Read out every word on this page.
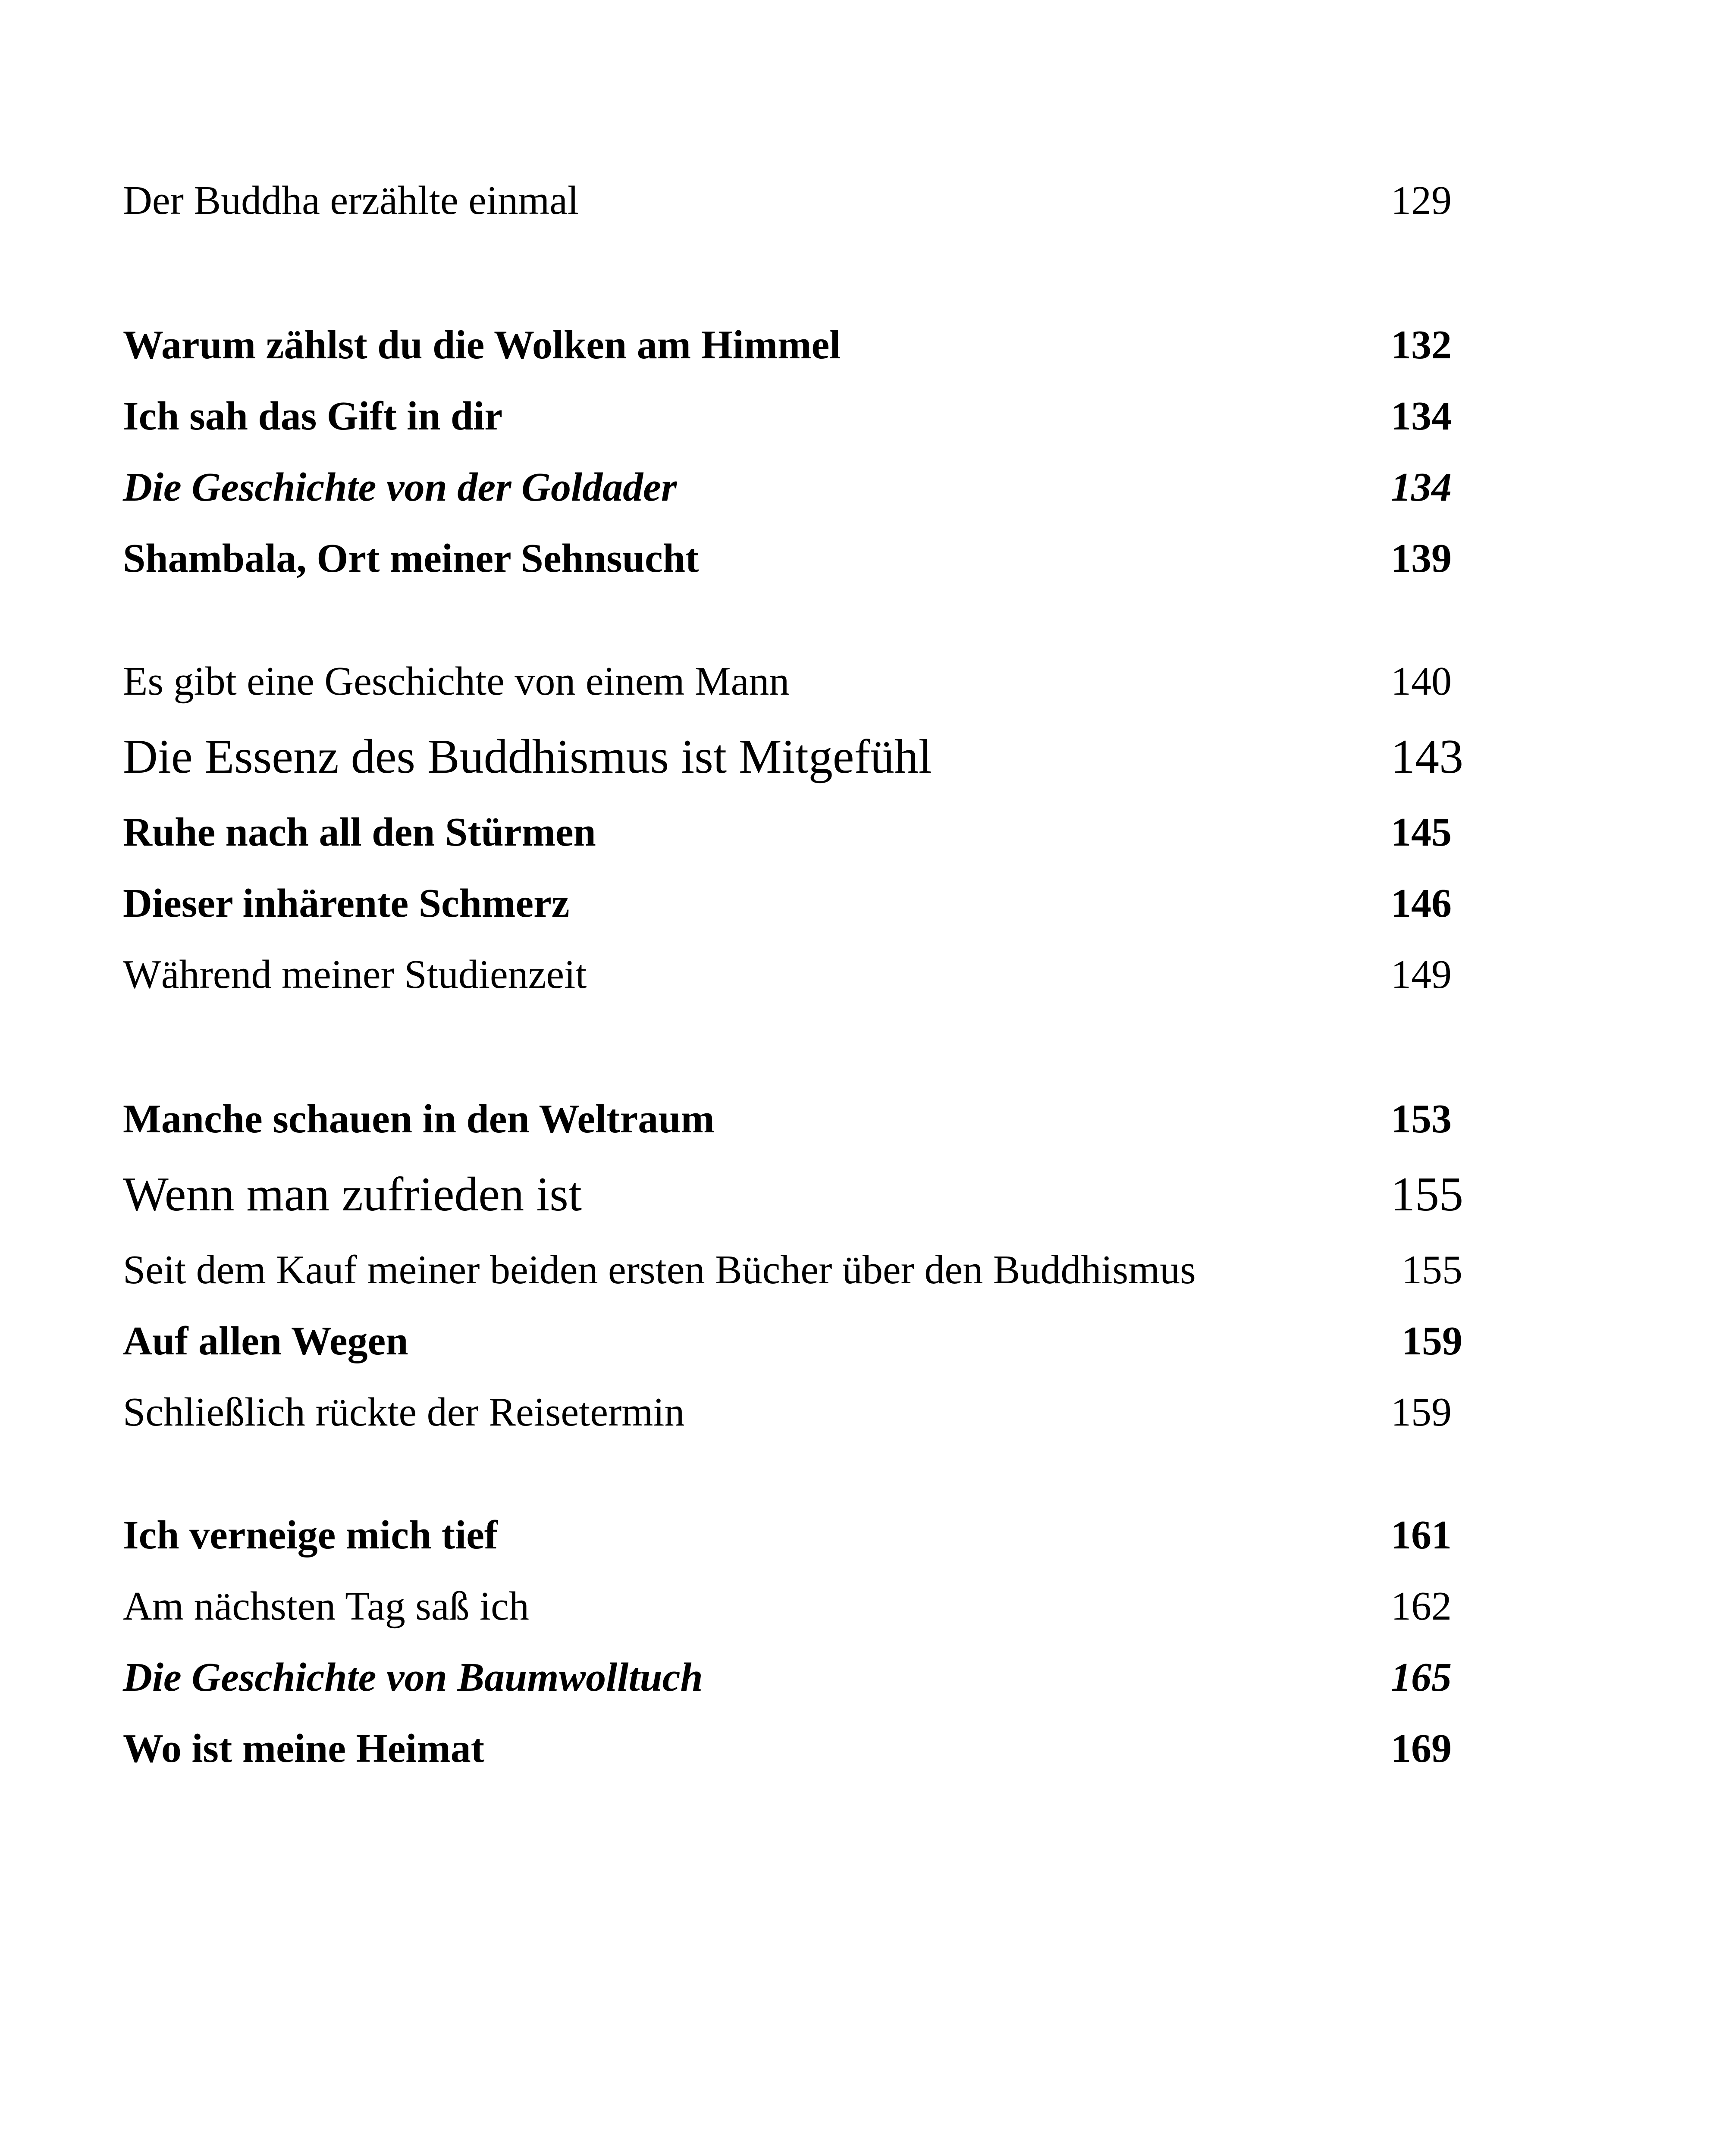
Der Buddha erzählte einmal	129
Warum zählst du die Wolken am Himmel	132
Ich sah das Gift in dir	134
Die Geschichte von der Goldader	134
Shambala, Ort meiner Sehnsucht	139
Es gibt eine Geschichte von einem Mann	140
Die Essenz des Buddhismus ist Mitgefühl	143
Ruhe nach all den Stürmen	145
Dieser inhärente Schmerz	146
Während meiner Studienzeit	149
Manche schauen in den Weltraum	153
Wenn man zufrieden ist	155
Seit dem Kauf meiner beiden ersten Bücher über den Buddhismus	155
Auf allen Wegen	159
Schließlich rückte der Reisetermin	159
Ich verneige mich tief	161
Am nächsten Tag saß ich	162
Die Geschichte von Baumwolltuch	165
Wo ist meine Heimat	169
